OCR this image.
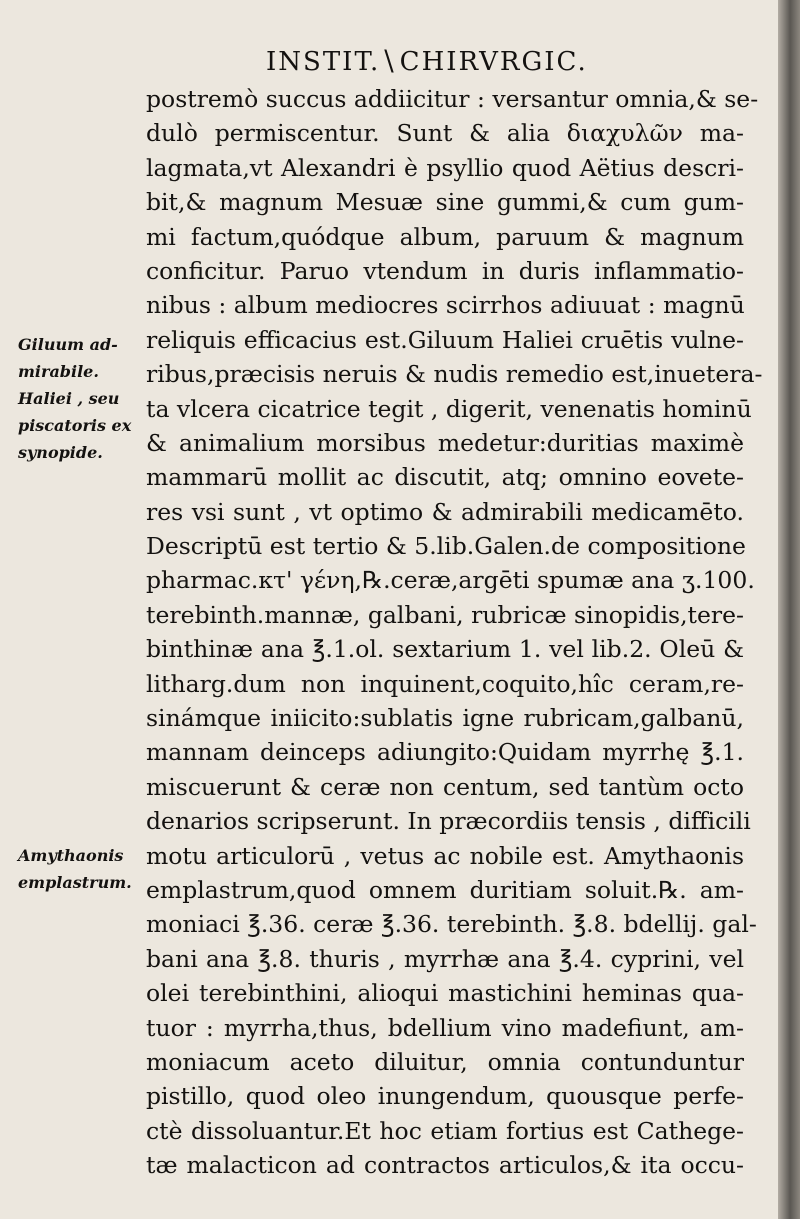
INSTIT. \ CHIRVRGIC.
Giluum ad-
mirabile.
Haliei , seu
piscatoris ex
synopide.
Amythaonis
emplastrum.
postremò succus addiicitur : versantur omnia,& se-
dulò permiscentur. Sunt & alia διαχυλῶν ma-
lagmata,vt Alexandri è psyllio quod Aëtius descri-
bit,& magnum Mesuæ sine gummi,& cum gum-
mi factum,quódque album, paruum & magnum
conficitur. Paruo vtendum in duris inflammatio-
nibus : album mediocres scirrhos adiuuat : magnū
reliquis efficacius est.Giluum Haliei cruētis vulne-
ribus,præcisis neruis & nudis remedio est,inuetera-
ta vlcera cicatrice tegit , digerit, venenatis hominū
& animalium morsibus medetur:duritias maximè
mammarū mollit ac discutit, atq; omnino eovete-
res vsi sunt , vt optimo & admirabili medicamēto.
Descriptū est tertio & 5.lib.Galen.de compositione
pharmac.κτ' γένη,℞.ceræ,argēti spumæ ana ʒ.100.
terebinth.mannæ, galbani, rubricæ sinopidis,tere-
binthinæ ana ℥.1.ol. sextarium 1. vel lib.2. Oleū &
litharg.dum non inquinent,coquito,hîc ceram,re-
sinámque iniicito:sublatis igne rubricam,galbanū,
mannam deinceps adiungito:Quidam myrrhę ℥.1.
miscuerunt & ceræ non centum, sed tantùm octo
denarios scripserunt. In præcordiis tensis , difficili
motu articulorū , vetus ac nobile est. Amythaonis
emplastrum,quod omnem duritiam soluit.℞. am-
moniaci ℥.36. ceræ ℥.36. terebinth. ℥.8. bdellij. gal-
bani ana ℥.8. thuris , myrrhæ ana ℥.4. cyprini, vel
olei terebinthini, alioqui mastichini heminas qua-
tuor : myrrha,thus, bdellium vino madefiunt, am-
moniacum aceto diluitur, omnia contunduntur
pistillo, quod oleo inungendum, quousque perfe-
ctè dissoluantur.Et hoc etiam fortius est Cathege-
tæ malacticon ad contractos articulos,& ita occu-
